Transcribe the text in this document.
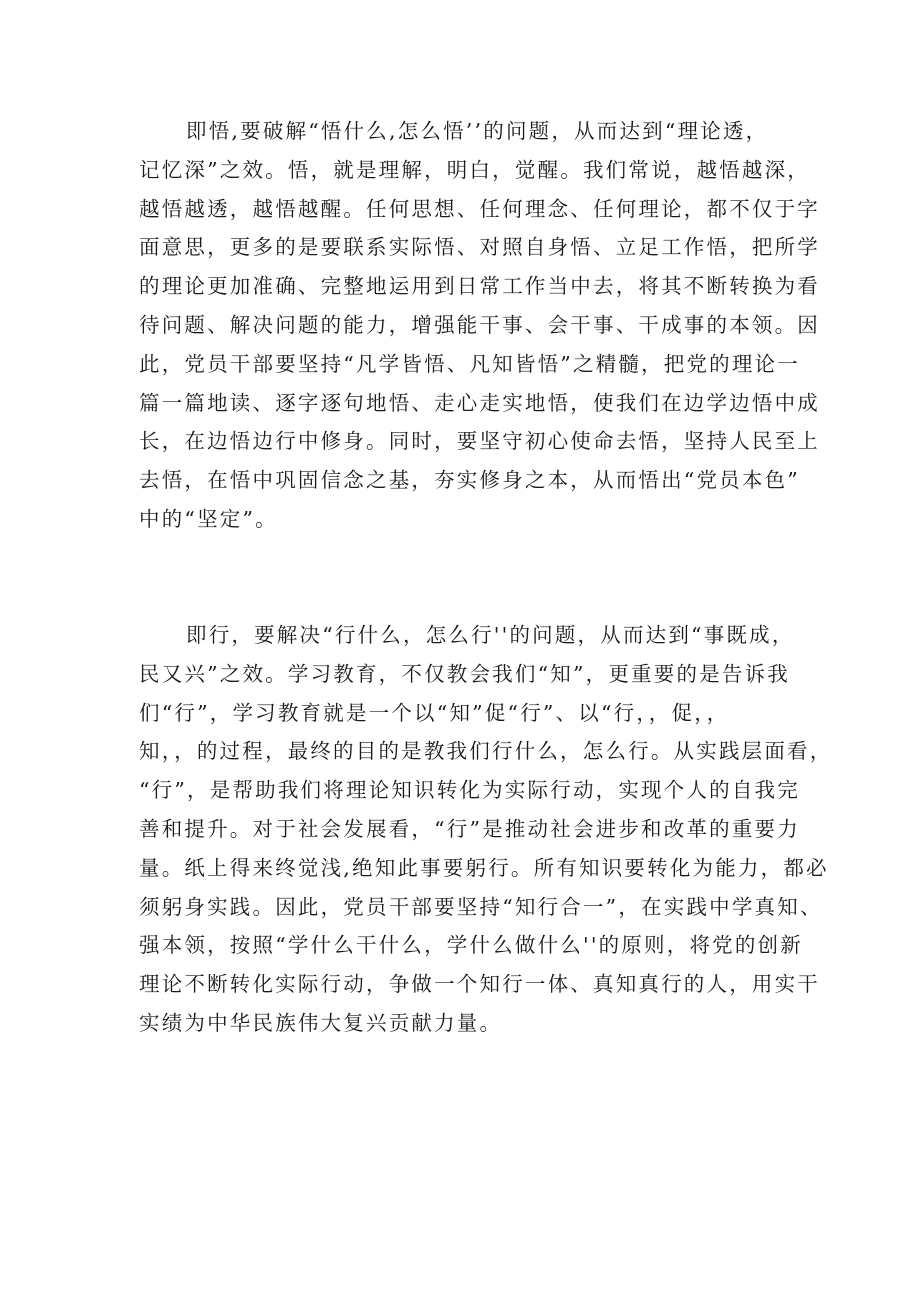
即悟,要破解“悟什么,怎么悟’’的问题，从而达到“理论透，
记忆深”之效。悟，就是理解，明白，觉醒。我们常说，越悟越深，
越悟越透，越悟越醒。任何思想、任何理念、任何理论，都不仅于字
面意思，更多的是要联系实际悟、对照自身悟、立足工作悟，把所学
的理论更加准确、完整地运用到日常工作当中去，将其不断转换为看
待问题、解决问题的能力，增强能干事、会干事、干成事的本领。因
此，党员干部要坚持“凡学皆悟、凡知皆悟”之精髓，把党的理论一
篇一篇地读、逐字逐句地悟、走心走实地悟，使我们在边学边悟中成
长，在边悟边行中修身。同时，要坚守初心使命去悟，坚持人民至上
去悟，在悟中巩固信念之基，夯实修身之本，从而悟出“党员本色”
中的“坚定”。

即行，要解决“行什么，怎么行''的问题，从而达到“事既成，
民又兴”之效。学习教育，不仅教会我们“知”，更重要的是告诉我
们“行”，学习教育就是一个以“知”促“行”、以“行，，促，，
知，，的过程，最终的目的是教我们行什么，怎么行。从实践层面看，
“行”，是帮助我们将理论知识转化为实际行动，实现个人的自我完
善和提升。对于社会发展看，“行”是推动社会进步和改革的重要力
量。纸上得来终觉浅,绝知此事要躬行。所有知识要转化为能力，都必
须躬身实践。因此，党员干部要坚持“知行合一”，在实践中学真知、
强本领，按照“学什么干什么，学什么做什么''的原则，将党的创新
理论不断转化实际行动，争做一个知行一体、真知真行的人，用实干
实绩为中华民族伟大复兴贡献力量。
